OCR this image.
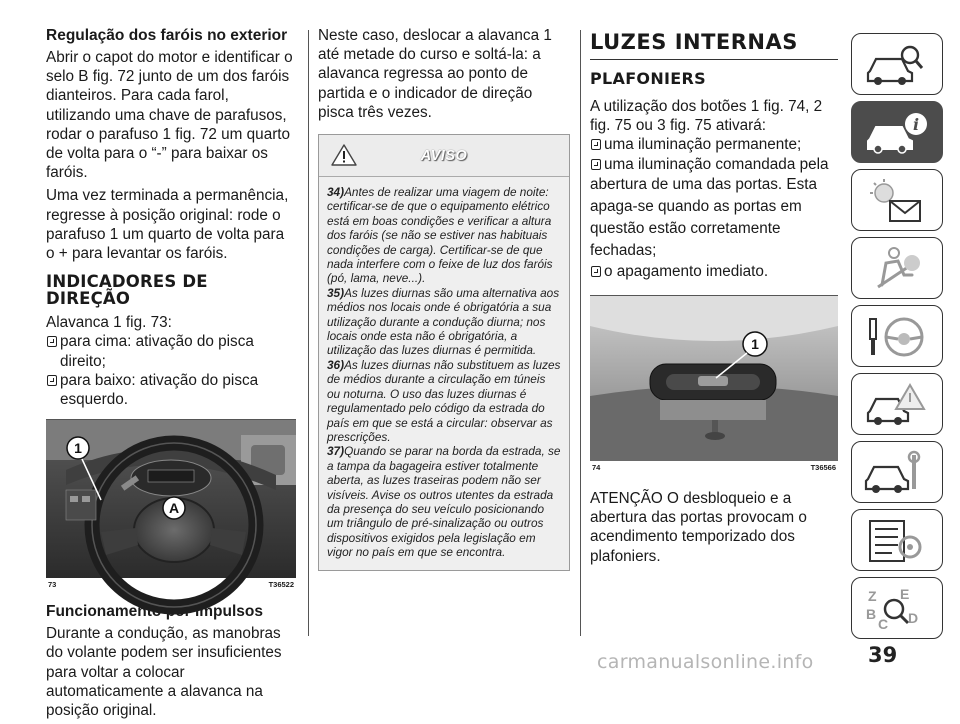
Regulação dos faróis no exterior

Abrir o capot do motor e identificar o selo B fig. 72 junto de um dos faróis dianteiros. Para cada farol, utilizando uma chave de parafusos, rodar o parafuso 1 fig. 72 um quarto de volta para o “-” para baixar os faróis.

Uma vez terminada a permanência, regresse à posição original: rode o parafuso 1 um quarto de volta para o + para levantar os faróis.

INDICADORES DE
DIREÇÃO

Alavanca 1 fig. 73:

para cima: ativação do pisca direito;
para baixo: ativação do pisca esquerdo.
1
A
73	T36522
Funcionamento por impulsos

Durante a condução, as manobras do volante podem ser insuficientes para voltar a colocar automaticamente a alavanca na posição original.

Neste caso, deslocar a alavanca 1 até metade do curso e soltá-la: a alavanca regressa ao ponto de partida e o indicador de direção pisca três vezes.

AVISO

34)Antes de realizar uma viagem de noite: certificar-se de que o equipamento elétrico está em boas condições e verificar a altura dos faróis (se não se estiver nas habituais condições de carga). Certificar-se de que nada interfere com o feixe de luz dos faróis (pó, lama, neve...).

35)As luzes diurnas são uma alternativa aos médios nos locais onde é obrigatória a sua utilização durante a condução diurna; nos locais onde esta não é obrigatória, a utilização das luzes diurnas é permitida.

36)As luzes diurnas não substituem as luzes de médios durante a circulação em túneis ou noturna. O uso das luzes diurnas é regulamentado pelo código da estrada do país em que se está a circular: observar as prescrições.

37)Quando se parar na borda da estrada, se a tampa da bagageira estiver totalmente aberta, as luzes traseiras podem não ser visíveis. Avise os outros utentes da estrada da presença do seu veículo posicionando um triângulo de pré-sinalização ou outros dispositivos exigidos pela legislação em vigor no país em que se encontra.

LUZES INTERNAS
PLAFONIERS

A utilização dos botões 1 fig. 74, 2 fig. 75 ou 3 fig. 75 ativará:

uma iluminação permanente;
uma iluminação comandada pela

abertura de uma das portas. Esta apaga-se quando as portas em questão estão corretamente fechadas;

o apagamento imediato.
1
74	T36566

ATENÇÃO O desbloqueio e a abertura das portas provocam o acendimento temporizado dos plafoniers.

i
Z E
B D
C
39
carmanualsonline.info
